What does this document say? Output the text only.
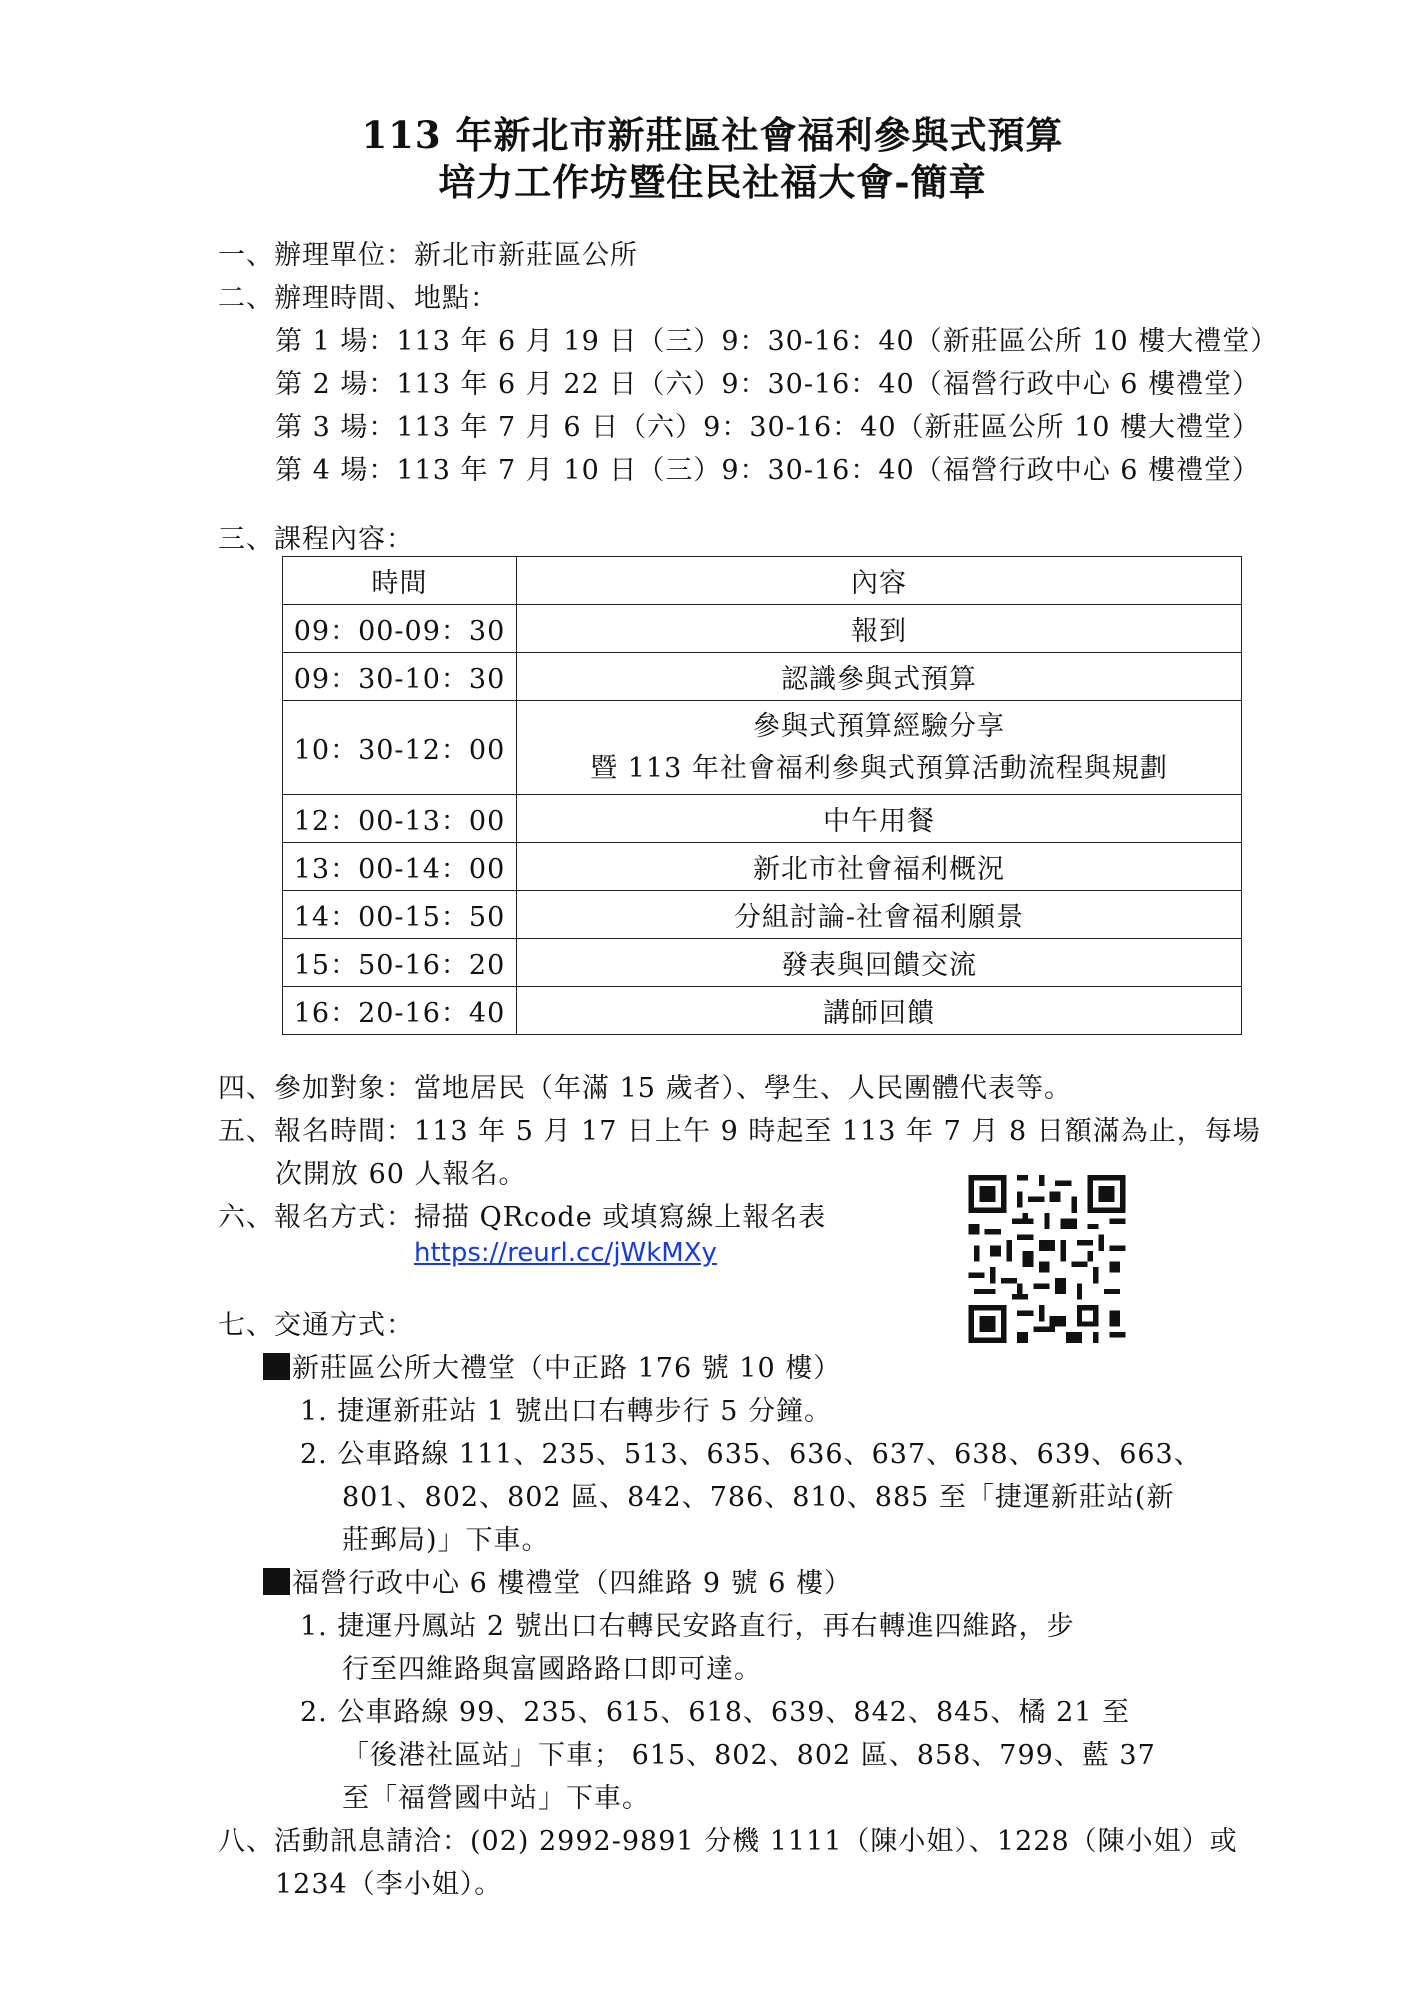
113 年新北市新莊區社會福利參與式預算
培力工作坊暨住民社福大會-簡章
一、辦理單位：新北市新莊區公所
二、辦理時間、地點：
第 1 場：113 年 6 月 19 日（三）9：30-16：40（新莊區公所 10 樓大禮堂）
第 2 場：113 年 6 月 22 日（六）9：30-16：40（福營行政中心 6 樓禮堂）
第 3 場：113 年 7 月 6 日（六）9：30-16：40（新莊區公所 10 樓大禮堂）
第 4 場：113 年 7 月 10 日（三）9：30-16：40（福營行政中心 6 樓禮堂）
三、課程內容：
時間	內容
09：00-09：30	報到
09：30-10：30	認識參與式預算
10：30-12：00	參與式預算經驗分享
暨 113 年社會福利參與式預算活動流程與規劃

12：00-13：00	中午用餐
13：00-14：00	新北市社會福利概況
14：00-15：50	分組討論-社會福利願景
15：50-16：20	發表與回饋交流
16：20-16：40	講師回饋
四、參加對象：當地居民（年滿 15 歲者）、學生、人民團體代表等。
五、報名時間：113 年 5 月 17 日上午 9 時起至 113 年 7 月 8 日額滿為止，每場
次開放 60 人報名。
六、報名方式：掃描 QRcode 或填寫線上報名表
https://reurl.cc/jWkMXy
七、交通方式：
新莊區公所大禮堂（中正路 176 號 10 樓）
1. 捷運新莊站 1 號出口右轉步行 5 分鐘。
2. 公車路線 111、235、513、635、636、637、638、639、663、
801、802、802 區、842、786、810、885 至「捷運新莊站(新
莊郵局)」下車。
福營行政中心 6 樓禮堂（四維路 9 號 6 樓）
1. 捷運丹鳳站 2 號出口右轉民安路直行，再右轉進四維路，步
行至四維路與富國路路口即可達。
2. 公車路線 99、235、615、618、639、842、845、橘 21 至
「後港社區站」下車； 615、802、802 區、858、799、藍 37
至「福營國中站」下車。
八、活動訊息請洽：(02) 2992-9891 分機 1111（陳小姐）、1228（陳小姐）或
1234（李小姐）。
